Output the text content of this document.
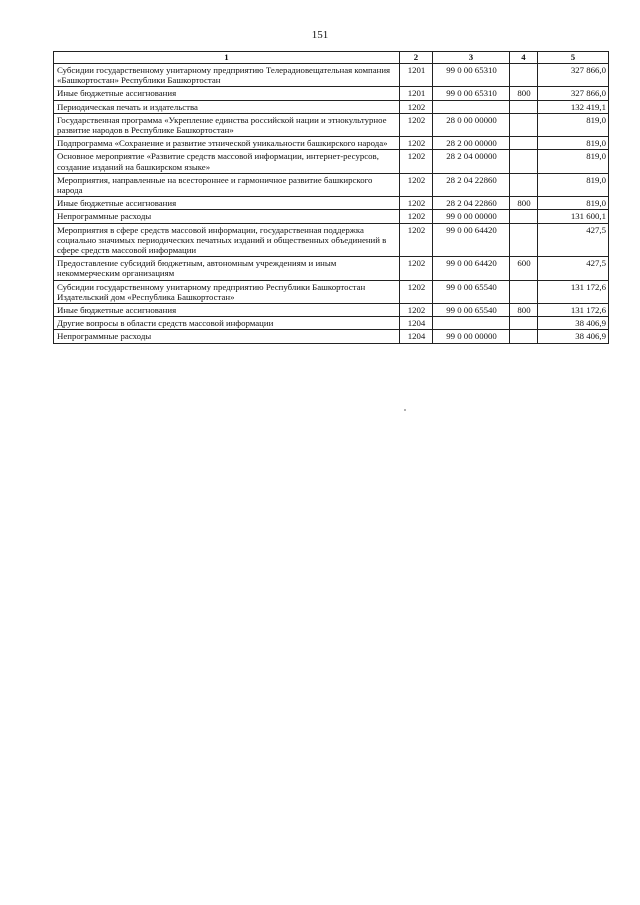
151
1	2	3	4	5
Субсидии государственному унитарному предприятию Телерадиовещательная компания «Башкортостан» Республики Башкортостан	1201	99 0 00 65310		327 866,0
Иные бюджетные ассигнования	1201	99 0 00 65310	800	327 866,0
Периодическая печать и издательства	1202			132 419,1
Государственная программа «Укрепление единства российской нации и этнокультурное развитие народов в Республике Башкортостан»	1202	28 0 00 00000		819,0
Подпрограмма «Сохранение и развитие этнической уникальности башкирского народа»	1202	28 2 00 00000		819,0
Основное мероприятие «Развитие средств массовой информации, интернет-ресурсов, создание изданий на башкирском языке»	1202	28 2 04 00000		819,0
Мероприятия, направленные на всестороннее и гармоничное развитие башкирского народа	1202	28 2 04 22860		819,0
Иные бюджетные ассигнования	1202	28 2 04 22860	800	819,0
Непрограммные расходы	1202	99 0 00 00000		131 600,1
Мероприятия в сфере средств массовой информации, государственная поддержка социально значимых периодических печатных изданий и общественных объединений в сфере средств массовой информации	1202	99 0 00 64420		427,5
Предоставление субсидий бюджетным, автономным учреждениям и иным некоммерческим организациям	1202	99 0 00 64420	600	427,5
Субсидии государственному унитарному предприятию Республики Башкортостан Издательский дом «Республика Башкортостан»	1202	99 0 00 65540		131 172,6
Иные бюджетные ассигнования	1202	99 0 00 65540	800	131 172,6
Другие вопросы в области средств массовой информации	1204			38 406,9
Непрограммные расходы	1204	99 0 00 00000		38 406,9
